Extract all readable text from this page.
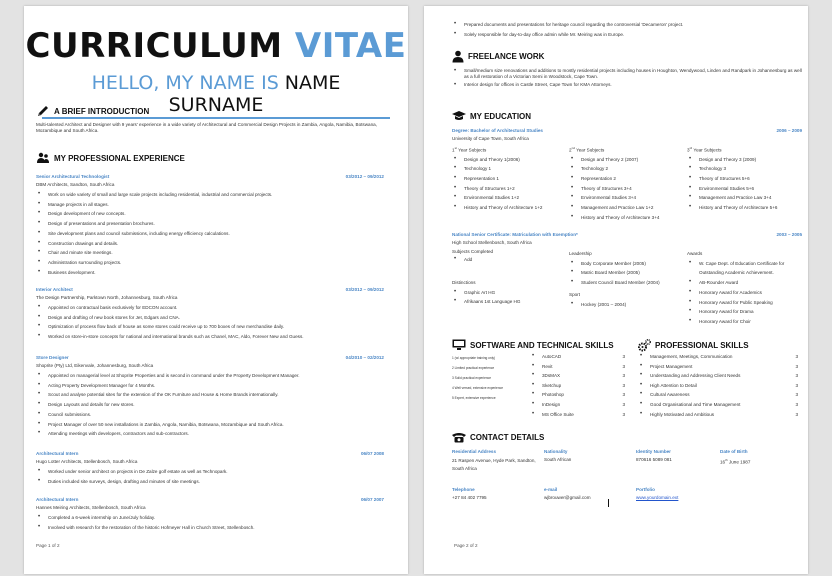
CURRICULUM VITAE
HELLO, MY NAME IS NAME SURNAME
A BRIEF INTRODUCTION
Multi-talented Architect and Designer with 9 years' experience in a wide variety of Architectural and Commercial Design Projects in Zambia, Angola, Namibia, Botswana, Mozambique and South Africa.
MY PROFESSIONAL EXPERIENCE
Senior Architectural Technologist	03/2012 – 09/2012
DBM Architects, Sandton, South Africa
• Work on wide variety of small and large scale projects including residential, industrial and commercial projects.
• Manage projects in all stages.
• Design development of new concepts.
• Design of presentations and presentation brochures.
• Site development plans and council submissions, including energy efficiency calculations.
• Construction drawings and details.
• Chair and minute site meetings.
• Administration surrounding projects.
• Business development.
Interior Architect	03/2012 – 09/2012
The Design Partnership, Parktown North, Johannesburg, South Africa
• Appointed on contractual basis exclusively for EDCON account.
• Design and drafting of new book stores for Jet, Edgars and CNA.
• Optimization of process flow back of house as some stores could receive up to 700 boxes of new merchandise daily.
• Worked on store-in-store concepts for national and international brands such as Chanel, MAC, Aldo, Forever New and Guess.
Store Designer	04/2010 – 02/2012
Shoprite (Pty) Ltd, Eikenvale, Johannesburg, South Africa
• Appointed on managerial level at Shoprite Properties and is second in command under the Property Development Manager.
• Acting Property Development Manager for 4 Months.
• Scout and analyse potential sites for the extension of the OK Furniture and House & Home Brands internationally.
• Design Layouts and details for new stores.
• Council submissions.
• Project Manager of over 50 new installations in Zambia, Angola, Namibia, Botswana, Mozambique and South Africa.
• Attending meetings with developers, contractors and sub-contractors.
Architectural Intern	06/07 2008
Hugo Lotter Architects, Stellenbosch, South Africa
• Worked under senior architect on projects in De Zalze golf estate as well as Technopark.
• Duties included site surveys, design, drafting and minutes of site meetings.
Architectural Intern	06/07 2007
Hannes Meiring Architects, Stellenbosch, South Africa
• Completed a 6-week internship on June/July holiday.
• Involved with research for the restoration of the historic Hofmeyer Hall in Church Street, Stellenbosch.
Page 1 of 2
• Prepared documents and presentations for heritage council regarding the controversial 'Decameron' project.
• Solely responsible for day-to-day office admin while Mr. Meiring was in Europe.
FREELANCE WORK
• Small/medium size renovations and additions to mostly residential projects including houses in Houghton, Wendywood, Linden and Randpark in Johannesburg as well as a full restoration of a Victorian Semi in Woodstock, Cape Town.
• Interior design for offices in Castle Street, Cape Town for KMA Attorneys.
MY EDUCATION
Degree: Bachelor of Architectural Studies	2006 – 2009
University of Cape Town, South Africa
1st Year Subjects
• Design and Theory 1(2006)
• Technology 1
• Representation 1
• Theory of Structures 1+2
• Environmental Studies 1+2
• History and Theory of Architecture 1+2
2nd Year Subjects
• Design and Theory 2 (2007)
• Technology 2
• Representation 2
• Theory of Structures 3+4
• Environmental Studies 3+4
• Management and Practice Law 1+2
• History and Theory of Architecture 3+4
3rd Year Subjects
• Design and Theory 3 (2009)
• Technology 3
• Theory of Structures 5+6
• Environmental Studies 5+6
• Management and Practice Law 3+4
• History and Theory of Architecture 5+6
National Senior Certificate: Matriculation with Exemption*	2003 – 2005
High School Stellenbosch, South Africa
Subjects Completed
• Add
Distinctions
• Graphic Art HG
• Afrikaans 1st Language HG
Leadership
• Body Corporate Member (2005)
• Matric Board Member (2005)
• Student Council Board Member (2004)
Sport
• Hockey (2001 – 2004)
Awards
• W. Cape Dept. of Education Certificate for Outstanding Academic Achievement.
• AB-Rounder Award
• Honorary Award for Academics
• Honorary Award for Public Speaking
• Honorary Award for Drama
• Honorary Award for Choir
SOFTWARE AND TECHNICAL SKILLS
1 (w/ appropriate training only)
2 Limited practical experience
3 Solid practical experience
4 Well versed, extensive experience
5 Expert, extensive experience
• AutoCAD	3
• Revit	3
• 3DsMAX	3
• Sketchup	3
• Photoshop	3
• InDesign	3
• MS Office Suite	3
PROFESSIONAL SKILLS
• Management, Meetings, Communication	3
• Project Management	3
• Understanding and Addressing Client Needs	3
• High Attention to Detail	3
• Cultural Awareness	3
• Good Organisational and Time Management	3
• Highly Motivated and Ambitious	3
CONTACT DETAILS
Residential Address
21 Raspen Avenue, Hyde Park, Sandton, South Africa
Nationality
South African
Identity Number
870616 5089 081
Date of Birth
16th June 1987
Telephone
+27 84 402 7795
e-mail
wjbrouwer@gmail.com
Portfolio
www.yourdomain.ext
Page 2 of 2
